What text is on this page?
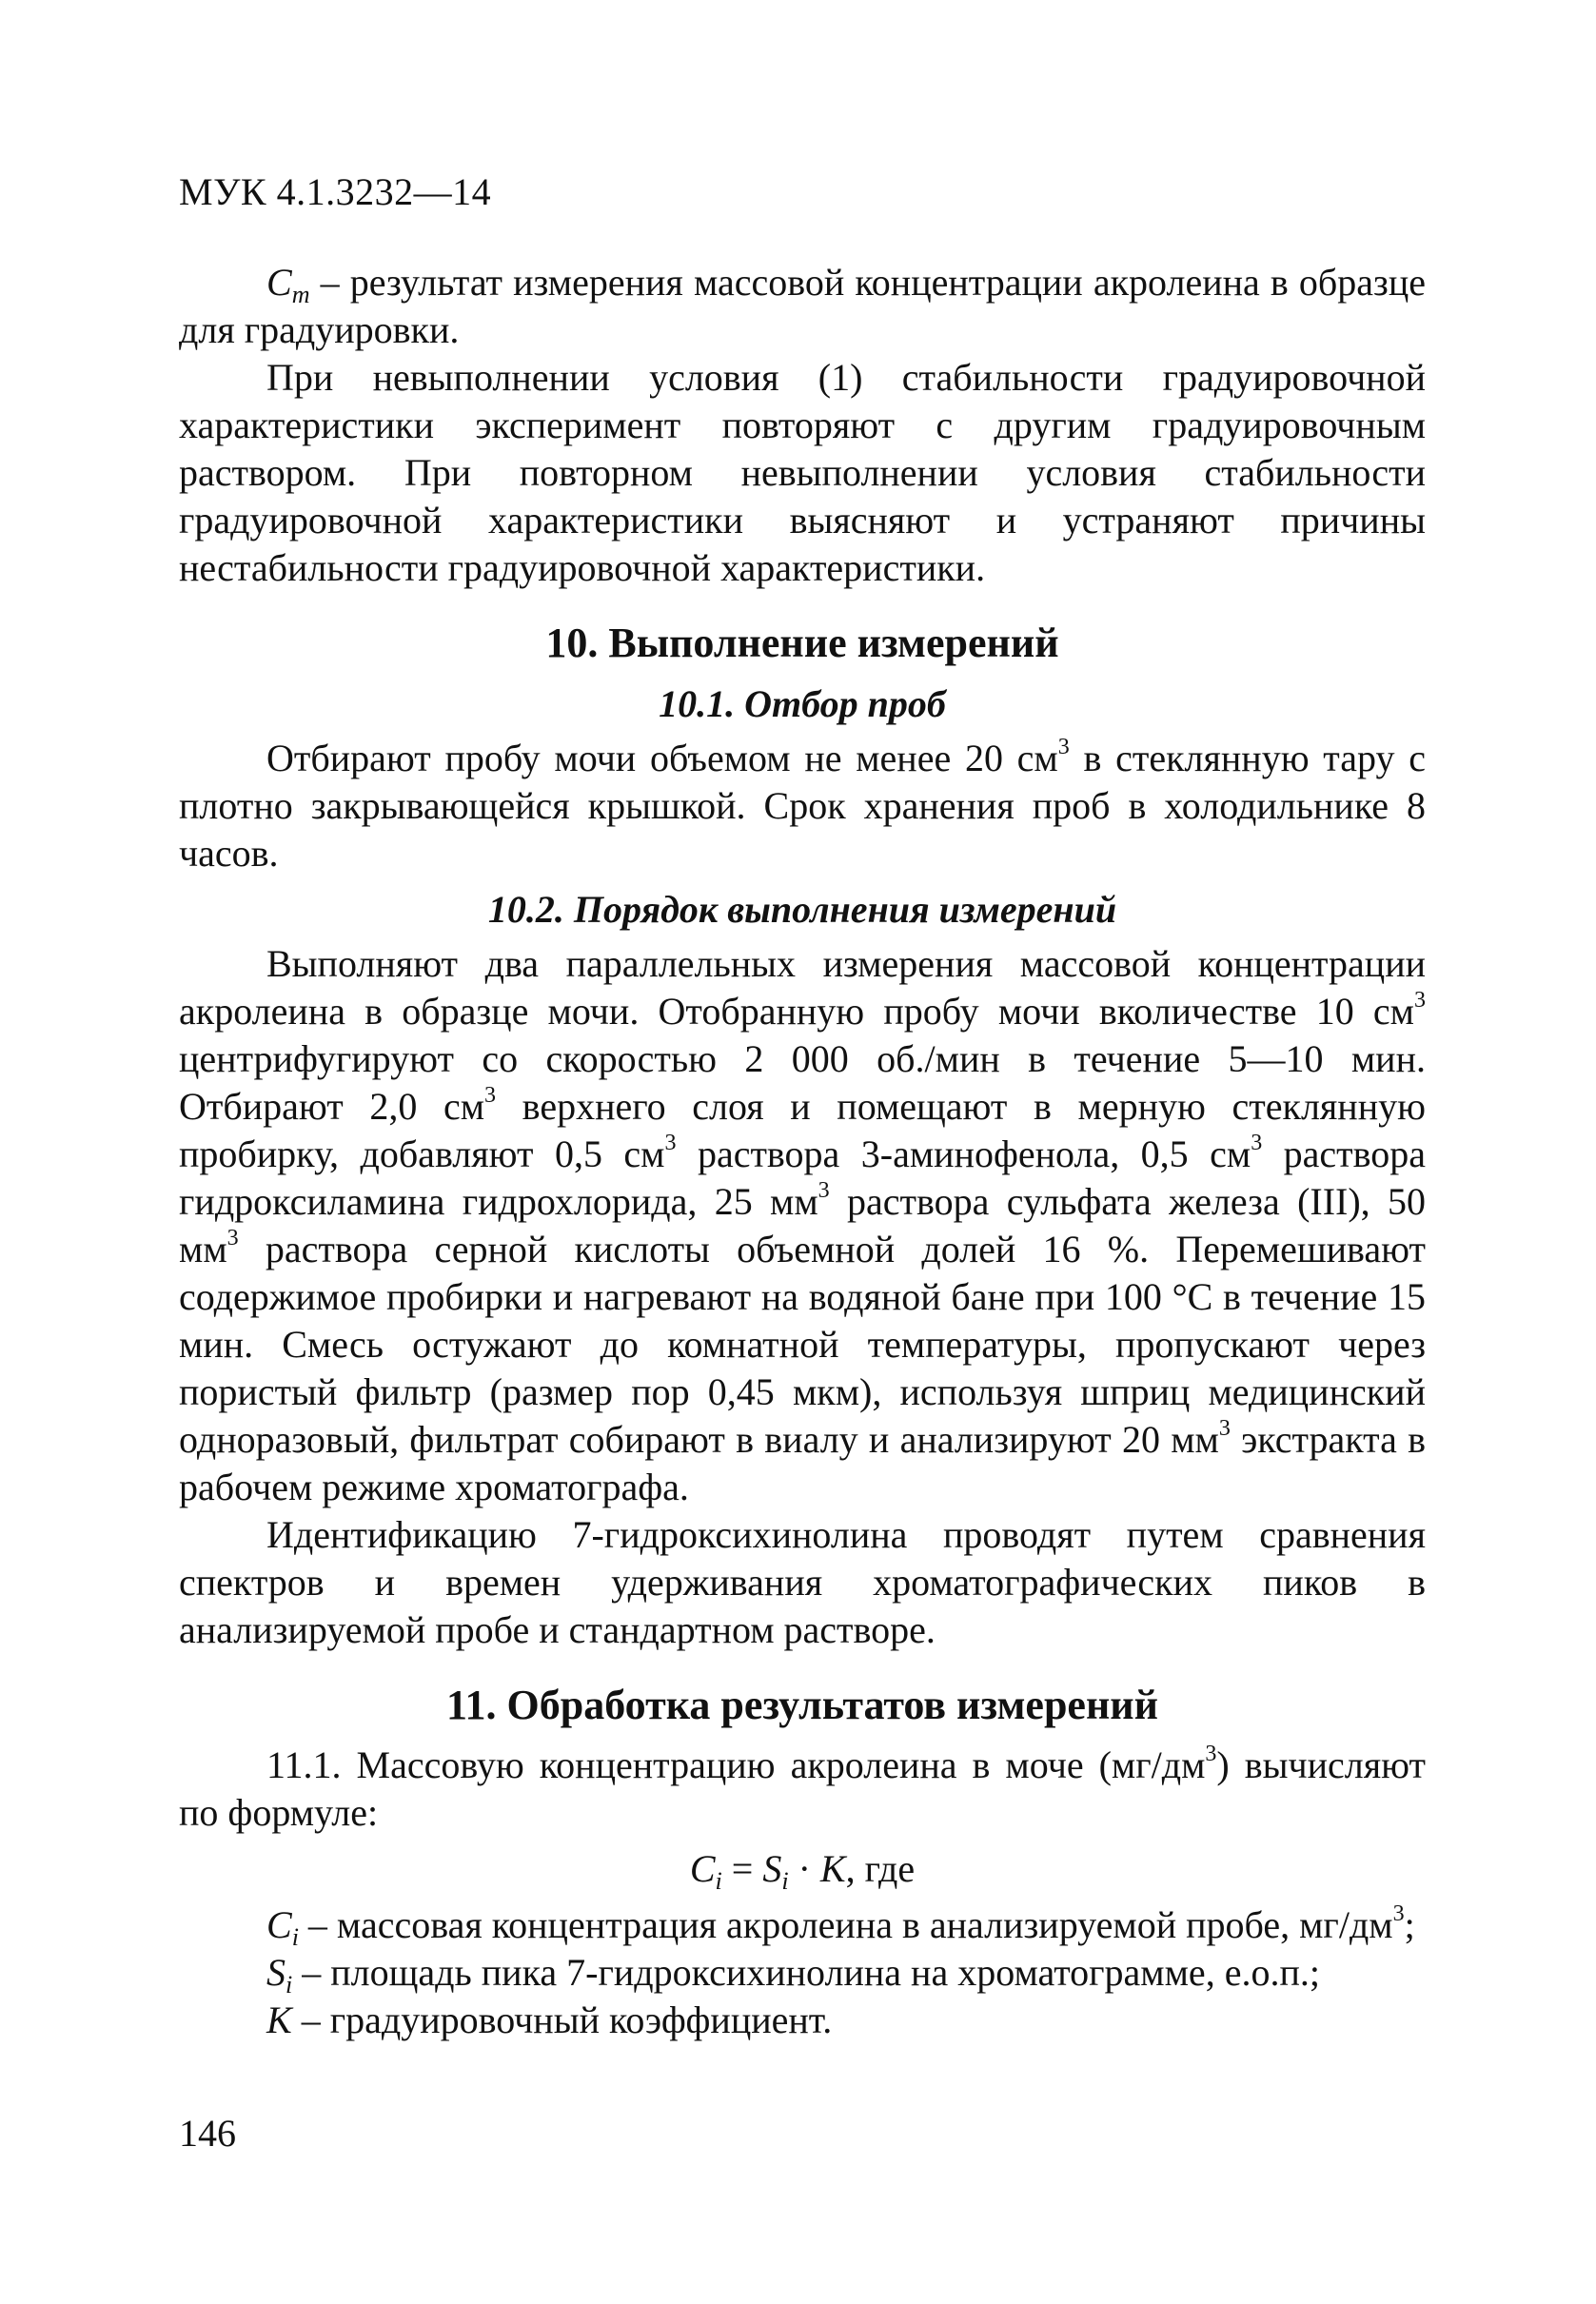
МУК 4.1.3232—14

$C_m$ – результат измерения массовой концентрации акролеина в образце для градуировки.

При невыполнении условия (1) стабильности градуировочной характеристики эксперимент повторяют с другим градуировочным раствором. При повторном невыполнении условия стабильности градуировочной характеристики выясняют и устраняют причины нестабильности градуировочной характеристики.

10. Выполнение измерений
10.1. Отбор проб

Отбирают пробу мочи объемом не менее 20 $см^3$ в стеклянную тару с плотно закрывающейся крышкой. Срок хранения проб в холодильнике 8 часов.

10.2. Порядок выполнения измерений

Выполняют два параллельных измерения массовой концентрации акролеина в образце мочи. Отобранную пробу мочи вколичестве 10 $см^3$ центрифугируют со скоростью 2 000 об./мин в течение 5—10 мин. Отбирают 2,0 $см^3$ верхнего слоя и помещают в мерную стеклянную пробирку, добавляют 0,5 $см^3$ раствора 3-аминофенола, 0,5 $см^3$ раствора гидроксиламина гидрохлорида, 25 $мм^3$ раствора сульфата железа (III), 50 $мм^3$ раствора серной кислоты объемной долей 16 %. Перемешивают содержимое пробирки и нагревают на водяной бане при 100 °С в течение 15 мин. Смесь остужают до комнатной температуры, пропускают через пористый фильтр (размер пор 0,45 мкм), используя шприц медицинский одноразовый, фильтрат собирают в виалу и анализируют 20 $мм^3$ экстракта в рабочем режиме хроматографа.

Идентификацию 7-гидроксихинолина проводят путем сравнения спектров и времен удерживания хроматографических пиков в анализируемой пробе и стандартном растворе.

11. Обработка результатов измерений

11.1. Массовую концентрацию акролеина в моче $(мг/дм^3)$ вычисляют по формуле:

$C_i = S_i \cdot K$, где

$C_i$ – массовая концентрация акролеина в анализируемой пробе, $мг/дм^3$;

$S_i$ – площадь пика 7-гидроксихинолина на хроматограмме, е.о.п.;

K – градуировочный коэффициент.

146
